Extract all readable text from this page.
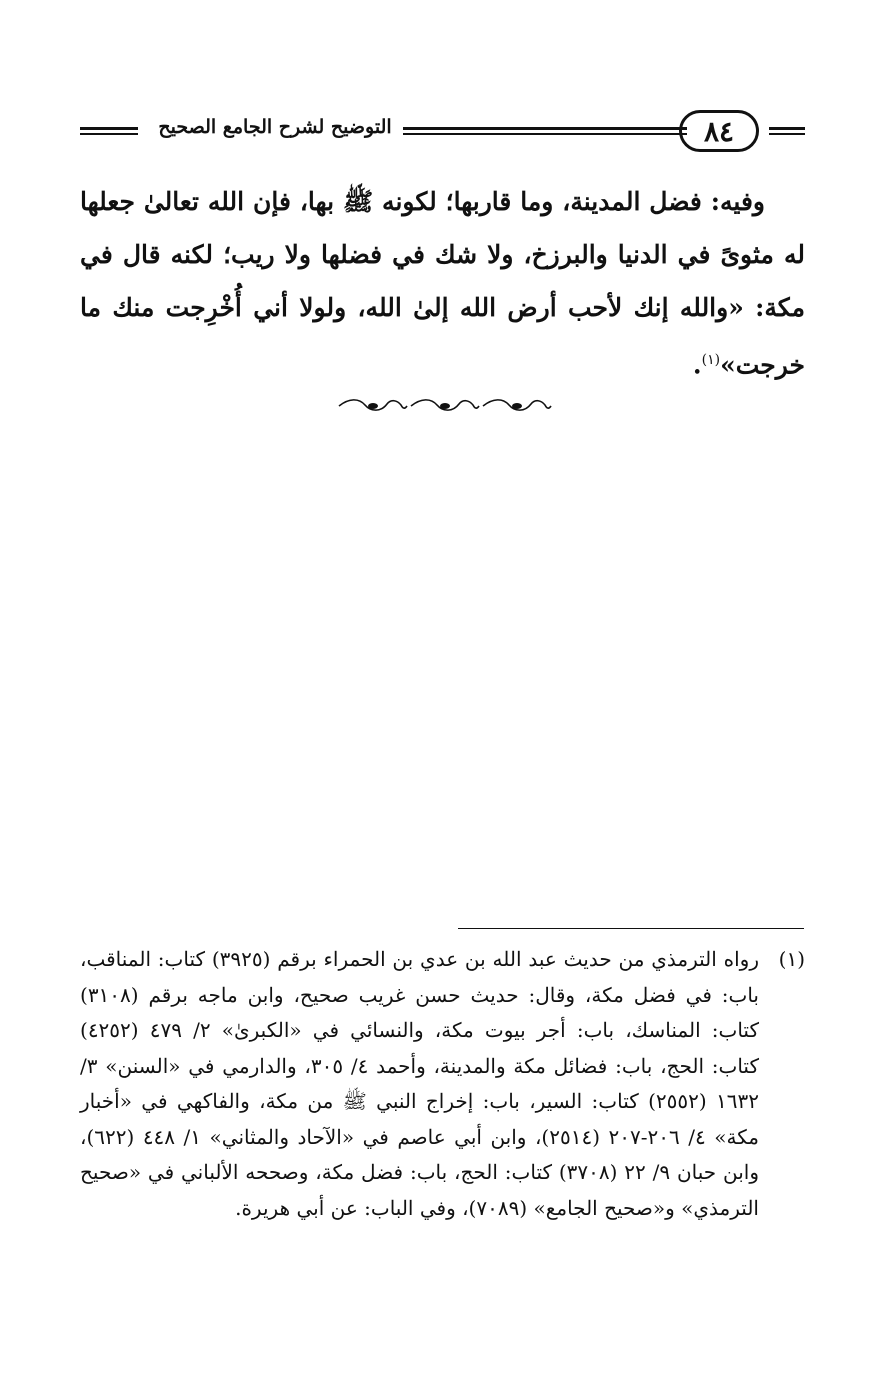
٨٤
التوضيح لشرح الجامع الصحيح

وفيه: فضل المدينة، وما قاربها؛ لكونه ﷺ بها، فإن الله تعالىٰ جعلها له مثوىً في الدنيا والبرزخ، ولا شك في فضلها ولا ريب؛ لكنه قال في مكة: «والله إنك لأحب أرض الله إلىٰ الله، ولولا أني أُخْرِجت منك ما خرجت»$^{(١)}$.

(١)
رواه الترمذي من حديث عبد الله بن عدي بن الحمراء برقم (٣٩٢٥) كتاب: المناقب، باب: في فضل مكة، وقال: حديث حسن غريب صحيح، وابن ماجه برقم (٣١٠٨) كتاب: المناسك، باب: أجر بيوت مكة، والنسائي في «الكبرىٰ» ٢/ ٤٧٩ (٤٢٥٢) كتاب: الحج، باب: فضائل مكة والمدينة، وأحمد ٤/ ٣٠٥، والدارمي في «السنن» ٣/ ١٦٣٢ (٢٥٥٢) كتاب: السير، باب: إخراج النبي ﷺ من مكة، والفاكهي في «أخبار مكة» ٤/ ٢٠٦-٢٠٧ (٢٥١٤)، وابن أبي عاصم في «الآحاد والمثاني» ١/ ٤٤٨ (٦٢٢)، وابن حبان ٩/ ٢٢ (٣٧٠٨) كتاب: الحج، باب: فضل مكة، وصححه الألباني في «صحيح الترمذي» و«صحيح الجامع» (٧٠٨٩)، وفي الباب: عن أبي هريرة.
